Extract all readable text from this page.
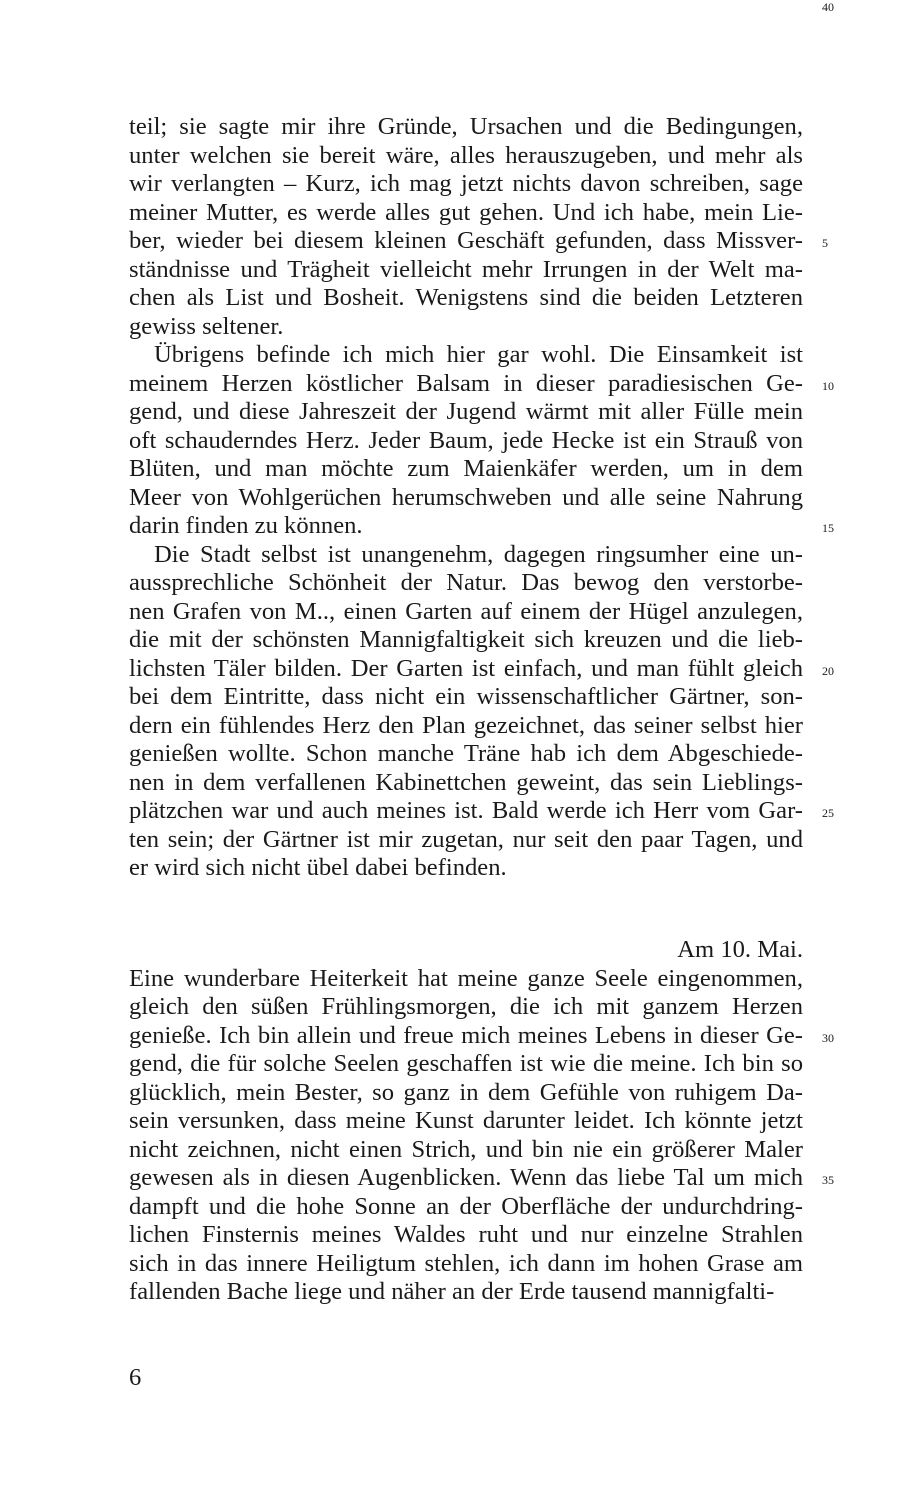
teil; sie sagte mir ihre Gründe, Ursachen und die Bedingungen,
unter welchen sie bereit wäre, alles herauszugeben, und mehr als
wir verlangten – Kurz, ich mag jetzt nichts davon schreiben, sage
meiner Mutter, es werde alles gut gehen. Und ich habe, mein Lie-
ber, wieder bei diesem kleinen Geschäft gefunden, dass Missver-
ständnisse und Trägheit vielleicht mehr Irrungen in der Welt ma-
chen als List und Bosheit. Wenigstens sind die beiden Letzteren
gewiss seltener.
Übrigens befinde ich mich hier gar wohl. Die Einsamkeit ist
meinem Herzen köstlicher Balsam in dieser paradiesischen Ge-
gend, und diese Jahreszeit der Jugend wärmt mit aller Fülle mein
oft schauderndes Herz. Jeder Baum, jede Hecke ist ein Strauß von
Blüten, und man möchte zum Maienkäfer werden, um in dem
Meer von Wohlgerüchen herumschweben und alle seine Nahrung
darin finden zu können.
Die Stadt selbst ist unangenehm, dagegen ringsumher eine un-
aussprechliche Schönheit der Natur. Das bewog den verstorbe-
nen Grafen von M.., einen Garten auf einem der Hügel anzulegen,
die mit der schönsten Mannigfaltigkeit sich kreuzen und die lieb-
lichsten Täler bilden. Der Garten ist einfach, und man fühlt gleich
bei dem Eintritte, dass nicht ein wissenschaftlicher Gärtner, son-
dern ein fühlendes Herz den Plan gezeichnet, das seiner selbst hier
genießen wollte. Schon manche Träne hab ich dem Abgeschiede-
nen in dem verfallenen Kabinettchen geweint, das sein Lieblings-
plätzchen war und auch meines ist. Bald werde ich Herr vom Gar-
ten sein; der Gärtner ist mir zugetan, nur seit den paar Tagen, und
er wird sich nicht übel dabei befinden.
Eine wunderbare Heiterkeit hat meine ganze Seele eingenommen,
gleich den süßen Frühlingsmorgen, die ich mit ganzem Herzen
genieße. Ich bin allein und freue mich meines Lebens in dieser Ge-
gend, die für solche Seelen geschaffen ist wie die meine. Ich bin so
glücklich, mein Bester, so ganz in dem Gefühle von ruhigem Da-
sein versunken, dass meine Kunst darunter leidet. Ich könnte jetzt
nicht zeichnen, nicht einen Strich, und bin nie ein größerer Maler
gewesen als in diesen Augenblicken. Wenn das liebe Tal um mich
dampft und die hohe Sonne an der Oberfläche der undurchdring-
lichen Finsternis meines Waldes ruht und nur einzelne Strahlen
sich in das innere Heiligtum stehlen, ich dann im hohen Grase am
fallenden Bache liege und näher an der Erde tausend mannigfalti-
Am 10. Mai.
5
10
15
20
25
30
35
40
6
